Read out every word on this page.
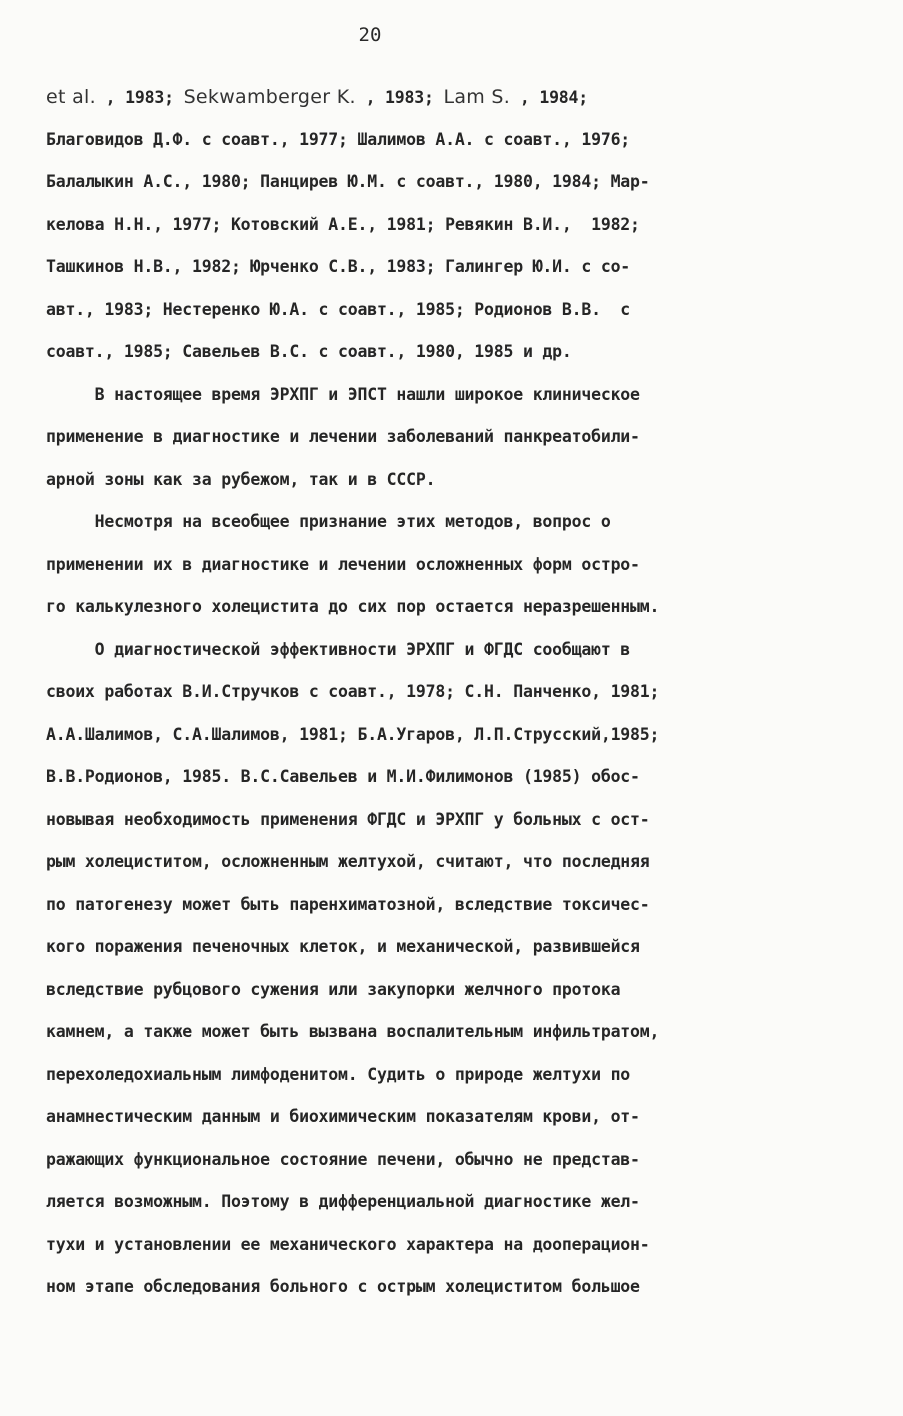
20
et al. , 1983; Sekwamberger K. , 1983; Lam S. , 1984;
Благовидов Д.Ф. с соавт., 1977; Шалимов А.А. с соавт., 1976;
Балалыкин А.С., 1980; Панцирев Ю.М. с соавт., 1980, 1984; Мар-
келова Н.Н., 1977; Котовский А.Е., 1981; Ревякин В.И.,  1982;
Ташкинов Н.В., 1982; Юрченко С.В., 1983; Галингер Ю.И. с со-
авт., 1983; Нестеренко Ю.А. с соавт., 1985; Родионов В.В.  с
соавт., 1985; Савельев В.С. с соавт., 1980, 1985 и др.
В настоящее время ЭРХПГ и ЭПСТ нашли широкое клиническое
применение в диагностике и лечении заболеваний панкреатобили-
арной зоны как за рубежом, так и в СССР.
Несмотря на всеобщее признание этих методов, вопрос о
применении их в диагностике и лечении осложненных форм остро-
го калькулезного холецистита до сих пор остается неразрешенным.
О диагностической эффективности ЭРХПГ и ФГДС сообщают в
своих работах В.И.Стручков с соавт., 1978; С.Н. Панченко, 1981;
А.А.Шалимов, С.А.Шалимов, 1981; Б.А.Угаров, Л.П.Струсский,1985;
В.В.Родионов, 1985. В.С.Савельев и М.И.Филимонов (1985) обос-
новывая необходимость применения ФГДС и ЭРХПГ у больных с ост-
рым холециститом, осложненным желтухой, считают, что последняя
по патогенезу может быть паренхиматозной, вследствие токсичес-
кого поражения печеночных клеток, и механической, развившейся
вследствие рубцового сужения или закупорки желчного протока
камнем, а также может быть вызвана воспалительным инфильтратом,
перехоледохиальным лимфоденитом. Судить о природе желтухи по
анамнестическим данным и биохимическим показателям крови, от-
ражающих функциональное состояние печени, обычно не представ-
ляется возможным. Поэтому в дифференциальной диагностике жел-
тухи и установлении ее механического характера на дооперацион-
ном этапе обследования больного с острым холециститом большое
